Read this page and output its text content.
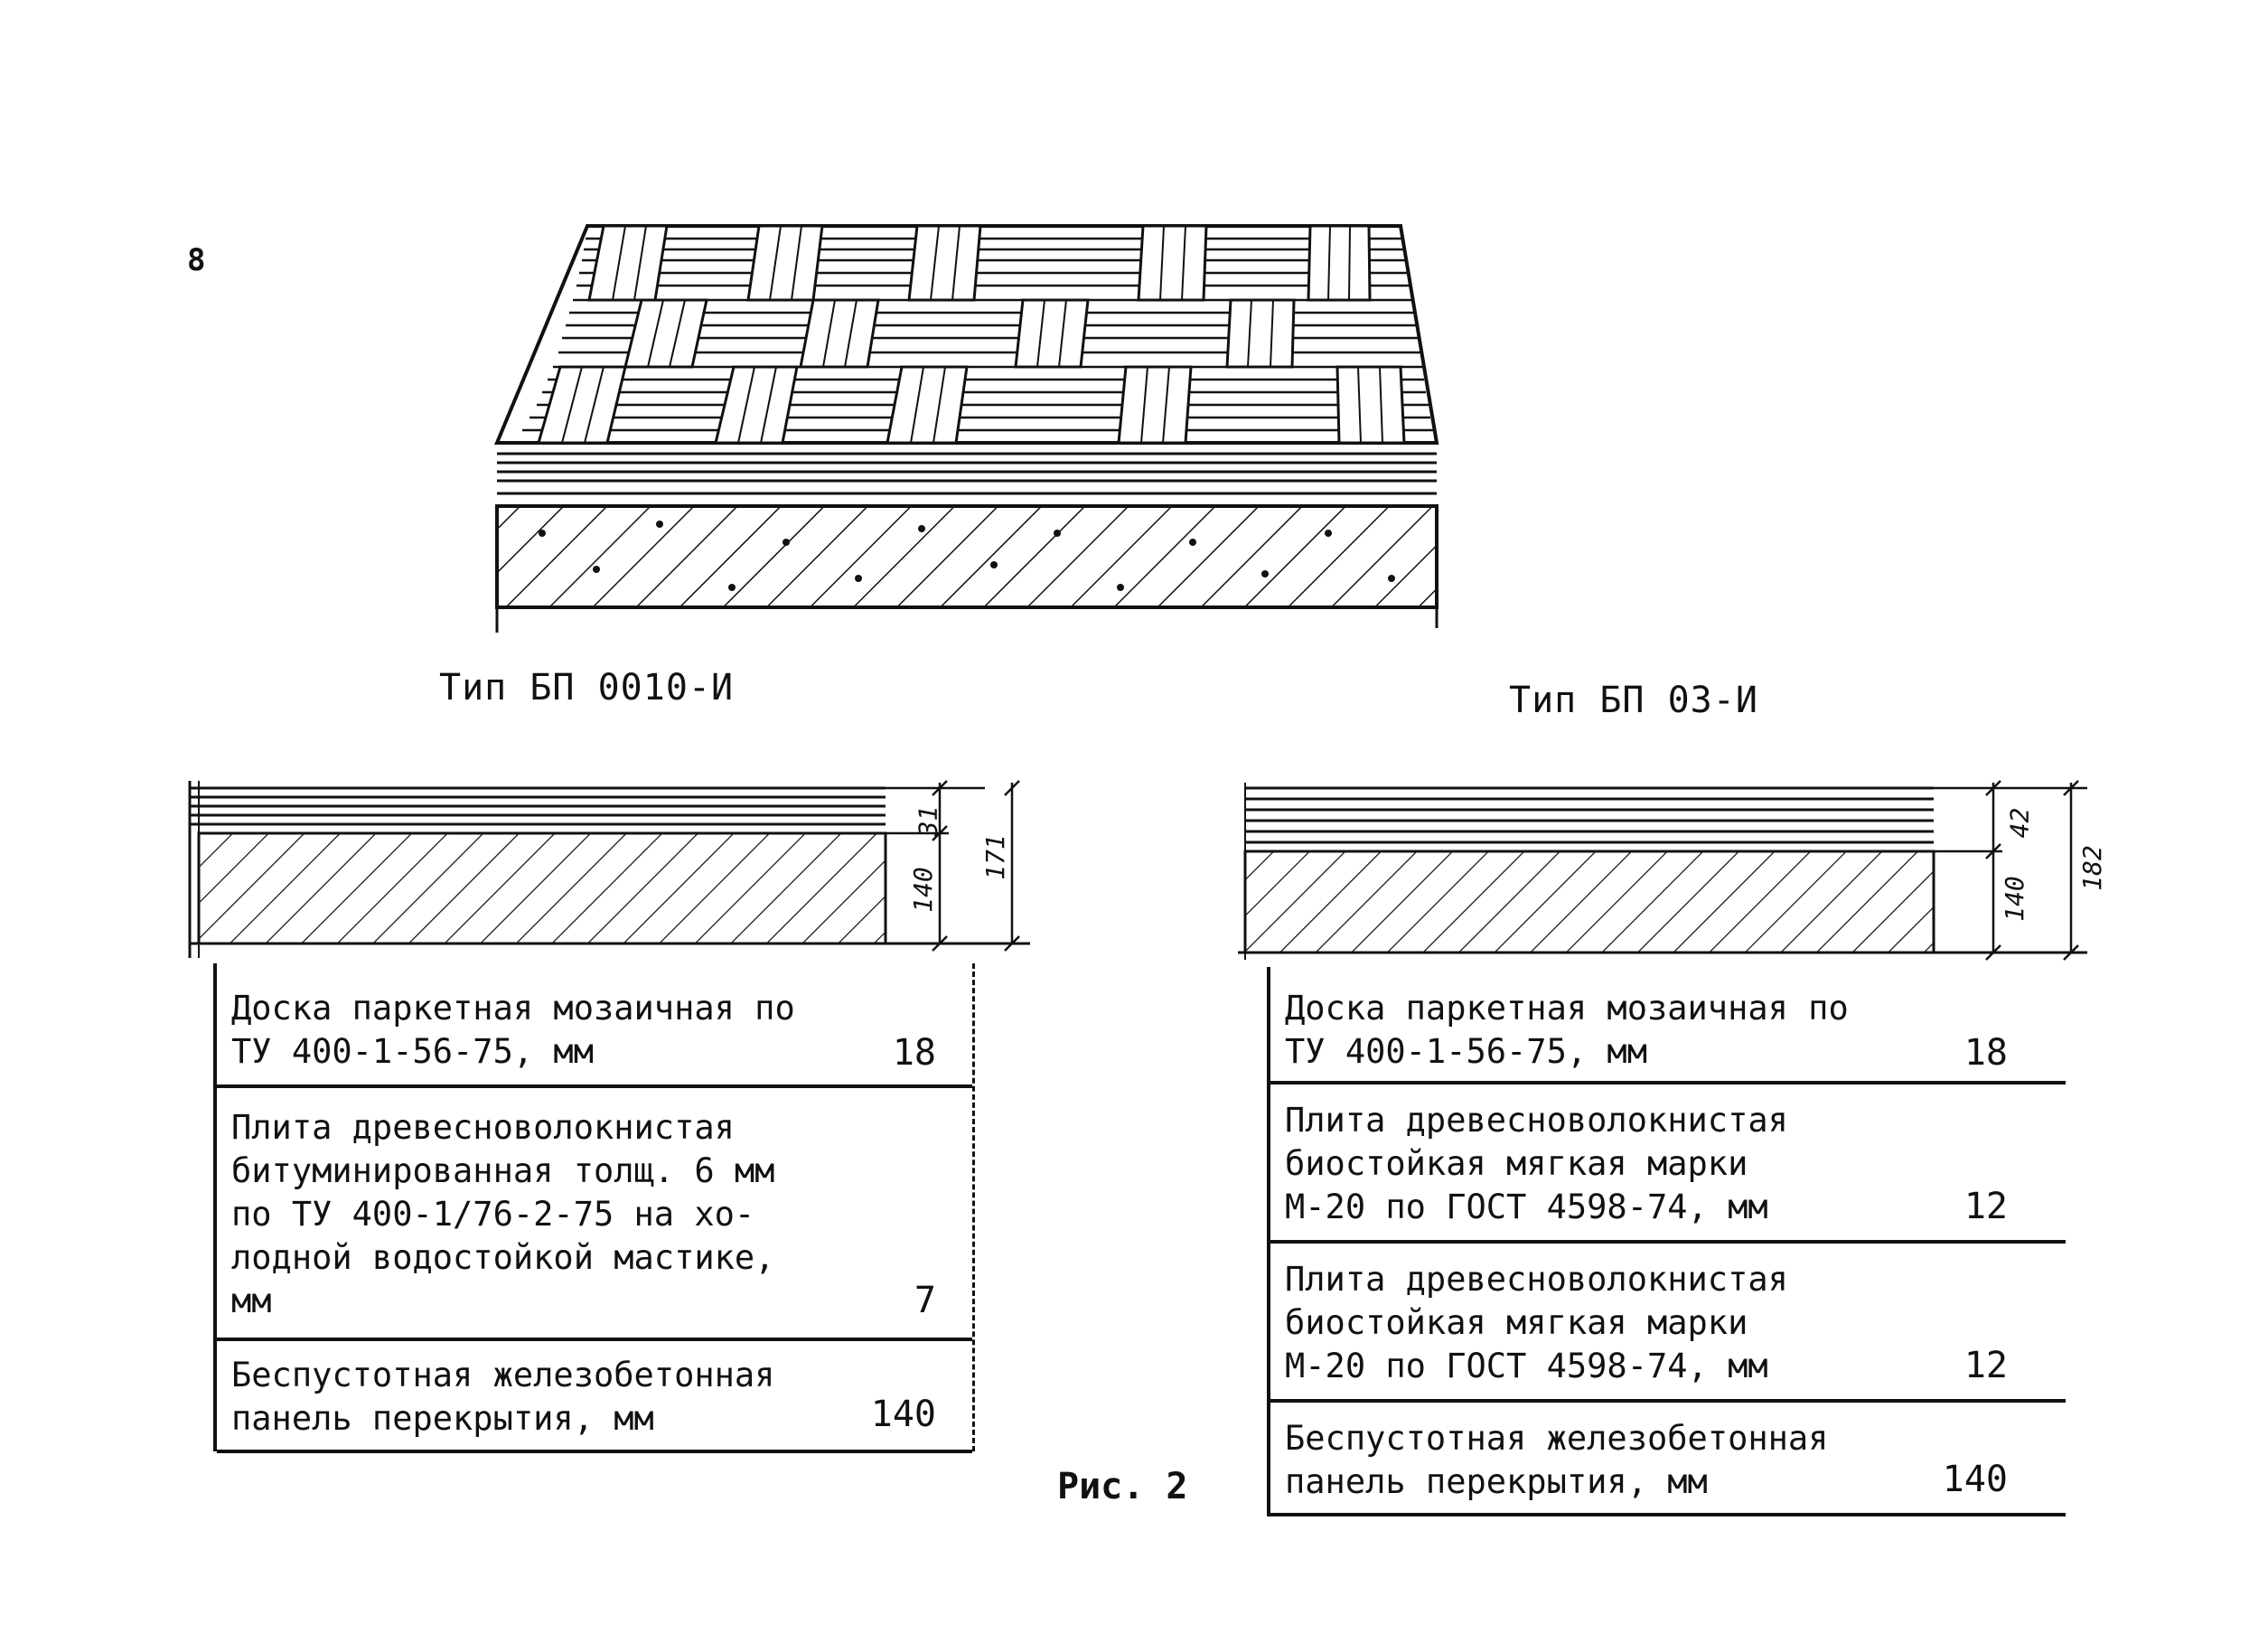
8
Тип БП 0010-И	Тип БП 03-И
31
140
171
Доска паркетная мозаичная по
ТУ 400-1-56-75, мм	18
Плита древесноволокнистая
битуминированная толщ. 6 мм
по ТУ 400-1/76-2-75 на хо-
лодной водостойкой мастике,
мм	7
Беспустотная железобетонная
панель перекрытия, мм	140
42
140
182
Доска паркетная мозаичная по
ТУ 400-1-56-75, мм	18
Плита древесноволокнистая
биостойкая мягкая марки
М-20 по ГОСТ 4598-74, мм	12
Плита древесноволокнистая
биостойкая мягкая марки
М-20 по ГОСТ 4598-74, мм	12
Беспустотная железобетонная
панель перекрытия, мм	140
Рис. 2
